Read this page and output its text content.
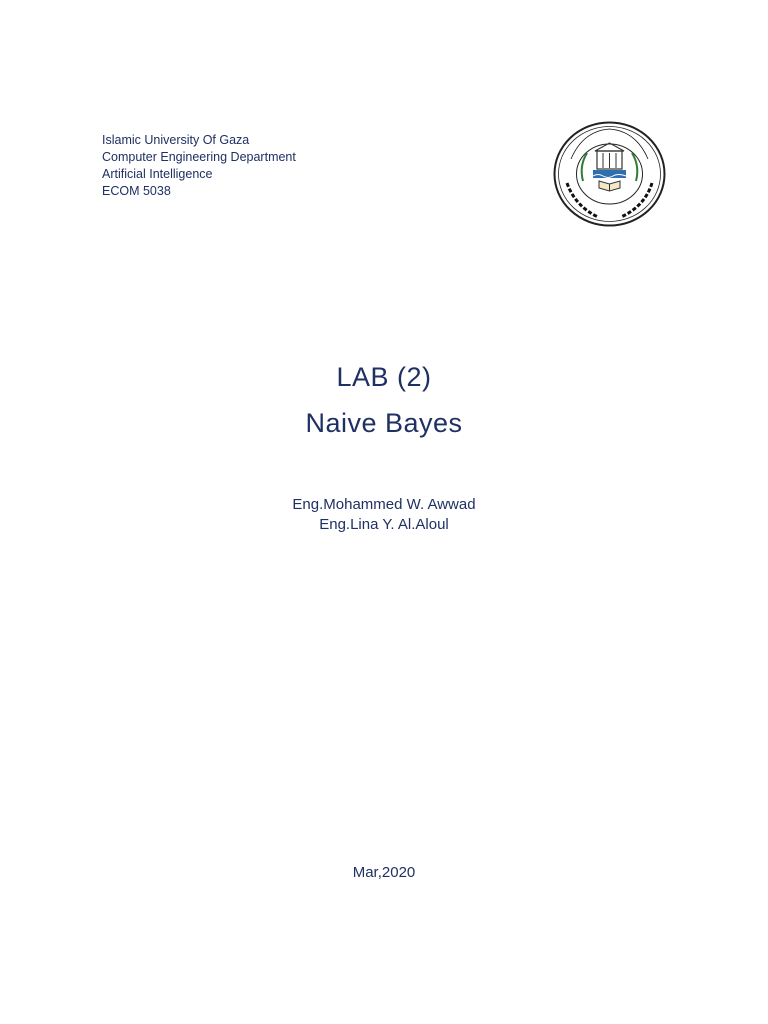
Islamic University Of Gaza
Computer Engineering Department
Artificial Intelligence
ECOM 5038
LAB (2)
Naive Bayes
Eng.Mohammed W. Awwad
Eng.Lina Y. Al.Aloul
Mar,2020
